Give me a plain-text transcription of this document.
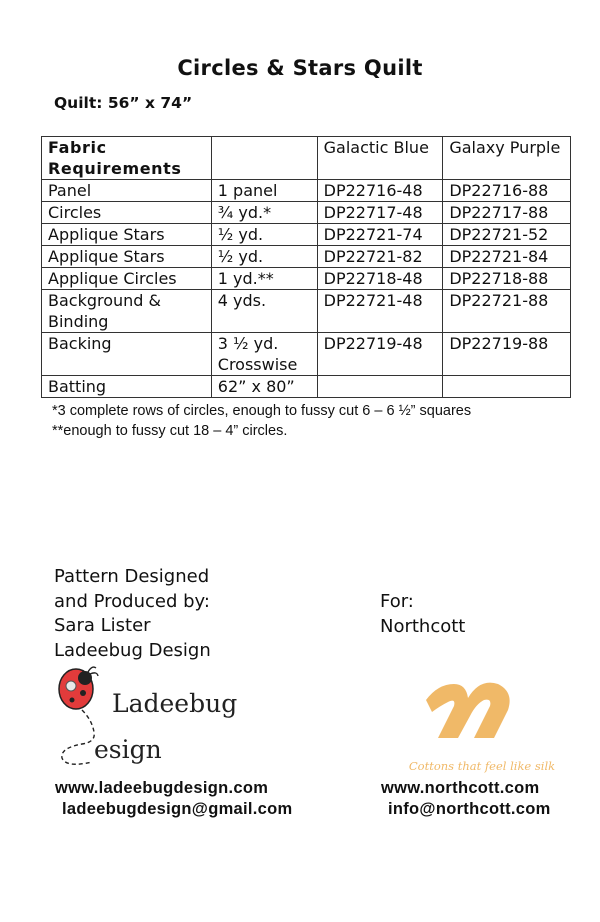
Circles & Stars Quilt
Quilt: 56” x 74”
Fabric Requirements		Galactic Blue	Galaxy Purple
Panel	1 panel	DP22716-48	DP22716-88
Circles	¾ yd.*	DP22717-48	DP22717-88
Applique Stars	½ yd.	DP22721-74	DP22721-52
Applique Stars	½ yd.	DP22721-82	DP22721-84
Applique Circles	1 yd.**	DP22718-48	DP22718-88
Background & Binding	4 yds.	DP22721-48	DP22721-88
Backing	3 ½ yd. Crosswise	DP22719-48	DP22719-88
Batting	62” x 80”		
*3 complete rows of circles, enough to fussy cut 6 – 6 ½” squares
**enough to fussy cut 18 – 4” circles.
Pattern Designed
and Produced by:
Sara Lister
Ladeebug Design
For:
Northcott
Ladeebug
esign
Cottons that feel like silk
www.ladeebugdesign.com
ladeebugdesign@gmail.com
www.northcott.com
info@northcott.com
